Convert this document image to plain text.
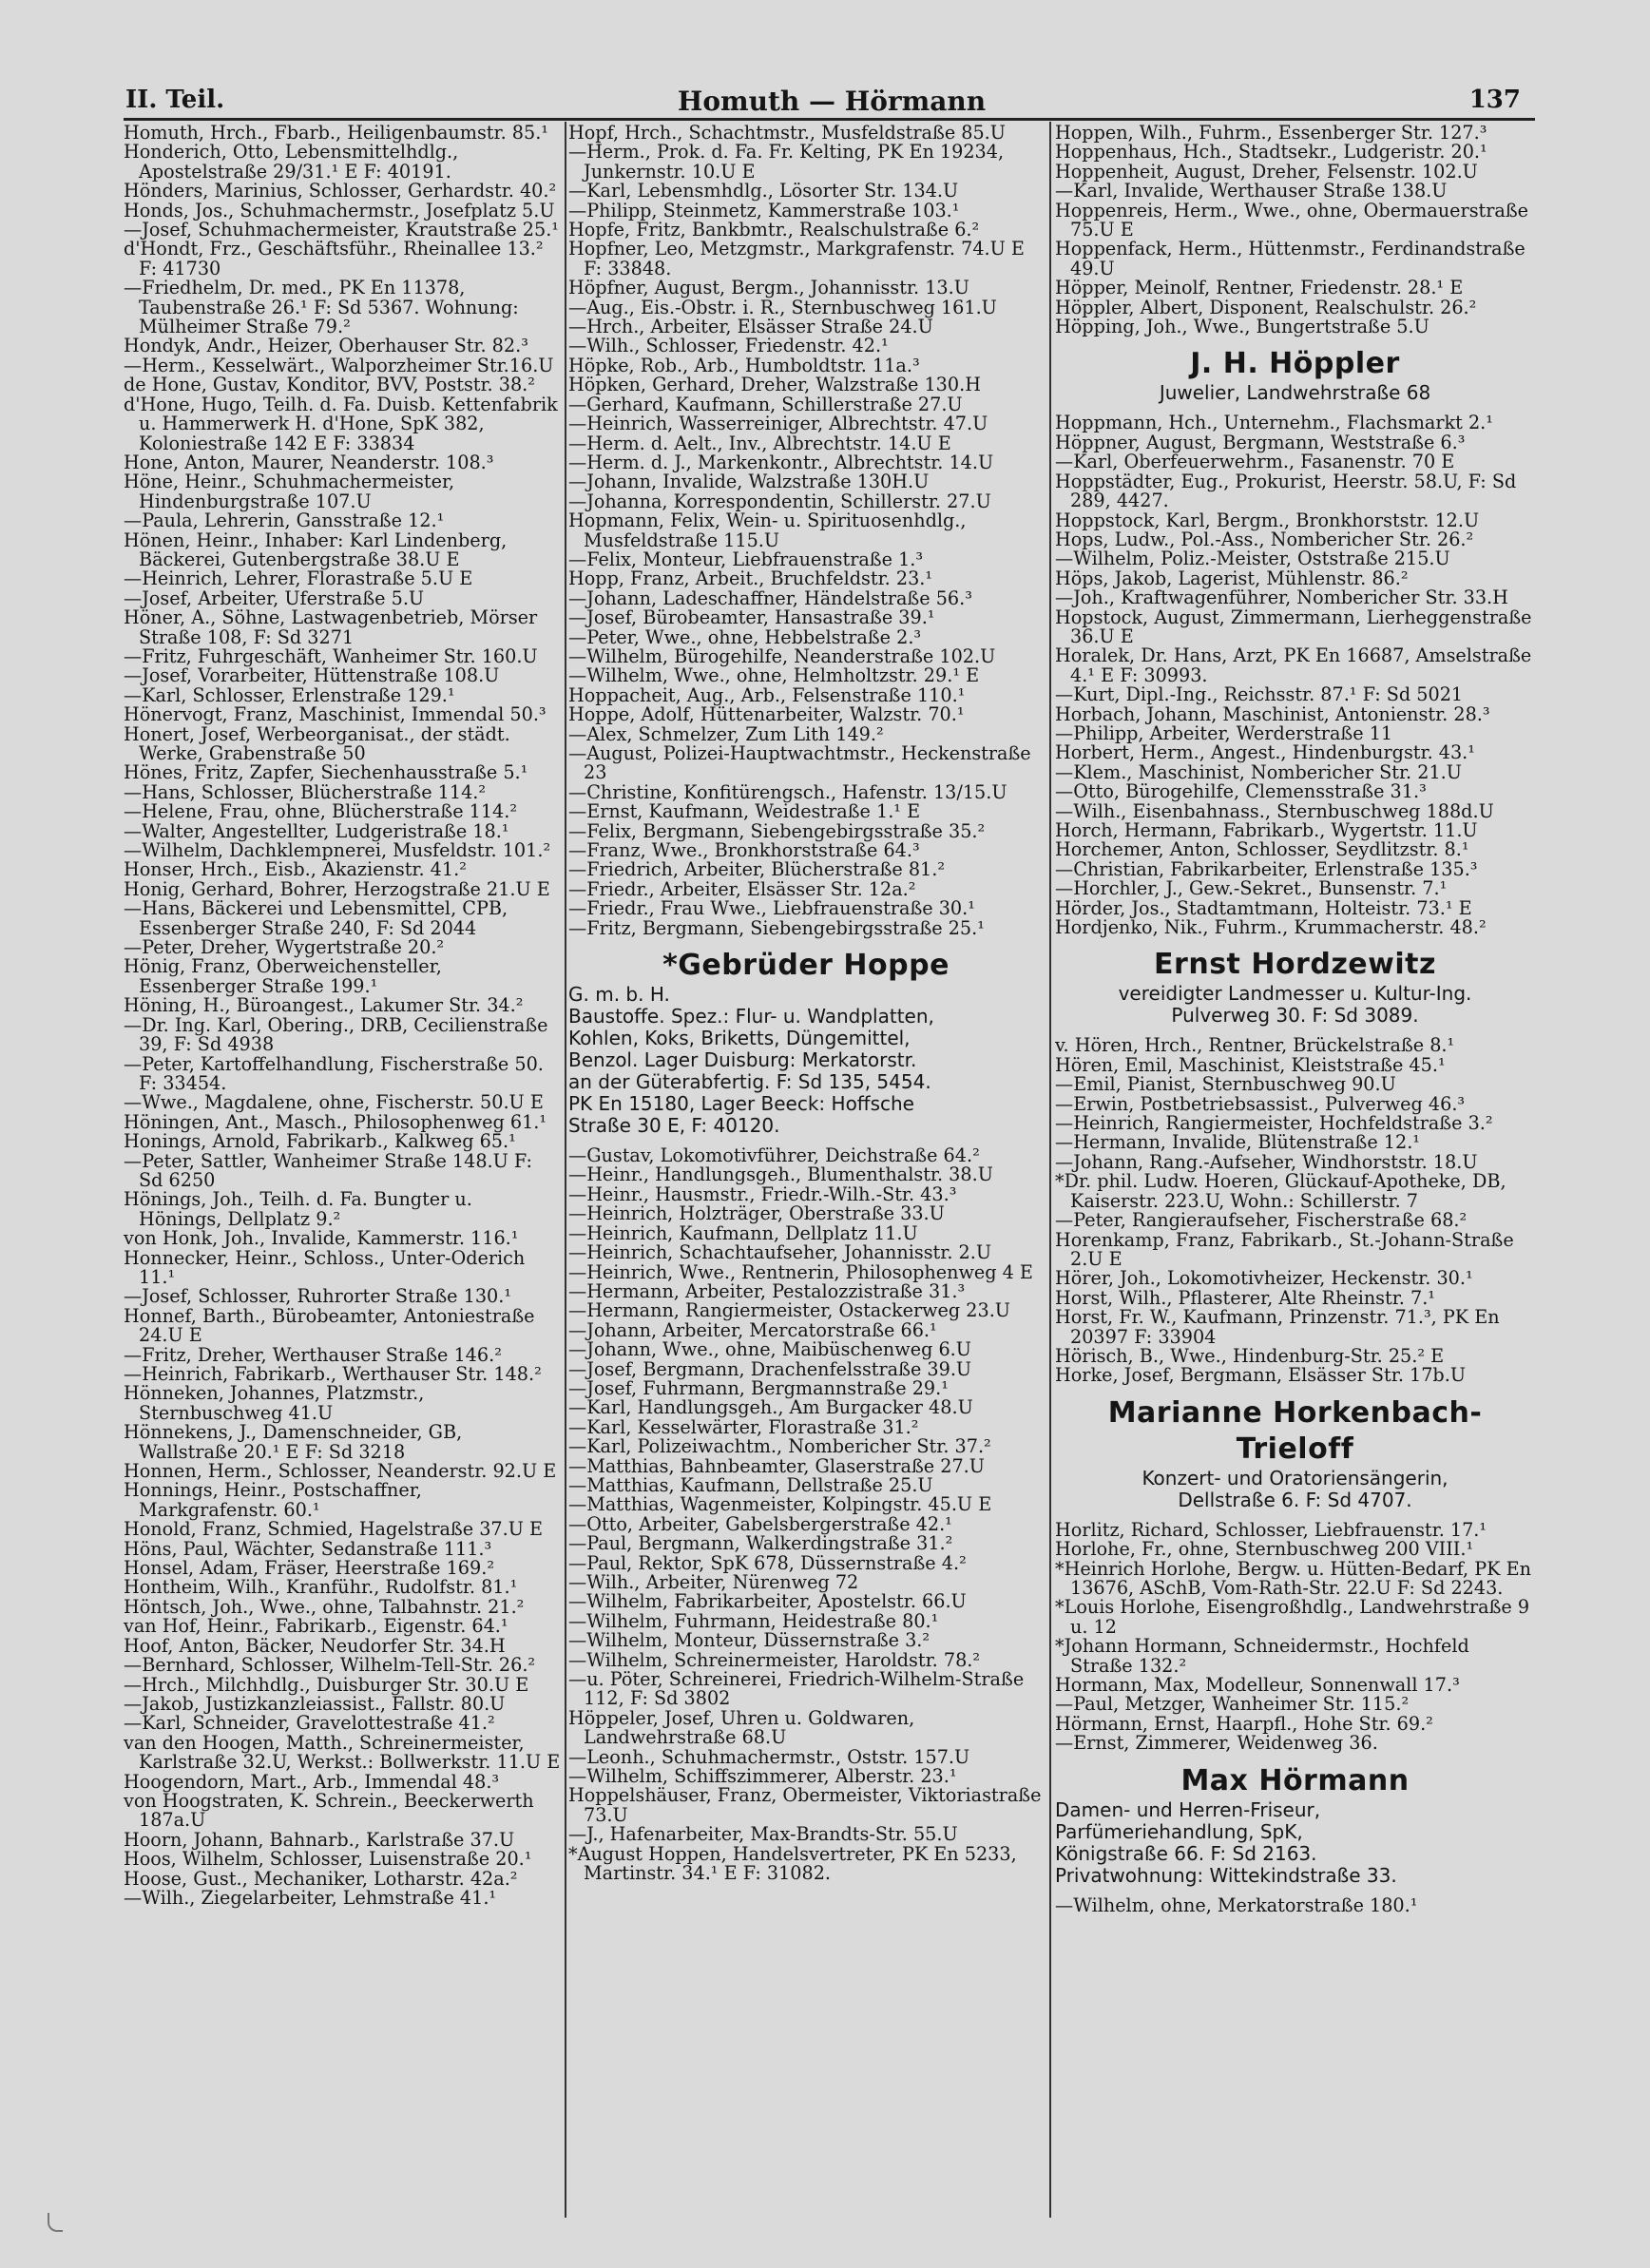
II. Teil.	Homuth — Hörmann	137
Homuth, Hrch., Fbarb., Heiligenbaumstr. 85.¹
Honderich, Otto, Lebensmittelhdlg., Apostelstraße 29/31.¹ E F: 40191.
Hönders, Marinius, Schlosser, Gerhardstr. 40.²
Honds, Jos., Schuhmachermstr., Josefplatz 5.U
—Josef, Schuhmachermeister, Krautstraße 25.¹
d'Hondt, Frz., Geschäftsführ., Rheinallee 13.² F: 41730
—Friedhelm, Dr. med., PK En 11378, Taubenstraße 26.¹ F: Sd 5367. Wohnung: Mülheimer Straße 79.²
Hondyk, Andr., Heizer, Oberhauser Str. 82.³
—Herm., Kesselwärt., Walporzheimer Str.16.U
de Hone, Gustav, Konditor, BVV, Poststr. 38.²
d'Hone, Hugo, Teilh. d. Fa. Duisb. Kettenfabrik u. Hammerwerk H. d'Hone, SpK 382, Koloniestraße 142 E F: 33834
Hone, Anton, Maurer, Neanderstr. 108.³
Höne, Heinr., Schuhmachermeister, Hindenburgstraße 107.U
—Paula, Lehrerin, Gansstraße 12.¹
Hönen, Heinr., Inhaber: Karl Lindenberg, Bäckerei, Gutenbergstraße 38.U E
—Heinrich, Lehrer, Florastraße 5.U E
—Josef, Arbeiter, Uferstraße 5.U
Höner, A., Söhne, Lastwagenbetrieb, Mörser Straße 108, F: Sd 3271
—Fritz, Fuhrgeschäft, Wanheimer Str. 160.U
—Josef, Vorarbeiter, Hüttenstraße 108.U
—Karl, Schlosser, Erlenstraße 129.¹
Hönervogt, Franz, Maschinist, Immendal 50.³
Honert, Josef, Werbeorganisat., der städt. Werke, Grabenstraße 50
Hönes, Fritz, Zapfer, Siechenhausstraße 5.¹
—Hans, Schlosser, Blücherstraße 114.²
—Helene, Frau, ohne, Blücherstraße 114.²
—Walter, Angestellter, Ludgeristraße 18.¹
—Wilhelm, Dachklempnerei, Musfeldstr. 101.²
Honser, Hrch., Eisb., Akazienstr. 41.²
Honig, Gerhard, Bohrer, Herzogstraße 21.U E
—Hans, Bäckerei und Lebensmittel, CPB, Essenberger Straße 240, F: Sd 2044
—Peter, Dreher, Wygertstraße 20.²
Hönig, Franz, Oberweichensteller, Essenberger Straße 199.¹
Höning, H., Büroangest., Lakumer Str. 34.²
—Dr. Ing. Karl, Obering., DRB, Cecilienstraße 39, F: Sd 4938
—Peter, Kartoffelhandlung, Fischerstraße 50. F: 33454.
—Wwe., Magdalene, ohne, Fischerstr. 50.U E
Höningen, Ant., Masch., Philosophenweg 61.¹
Honings, Arnold, Fabrikarb., Kalkweg 65.¹
—Peter, Sattler, Wanheimer Straße 148.U F: Sd 6250
Hönings, Joh., Teilh. d. Fa. Bungter u. Hönings, Dellplatz 9.²
von Honk, Joh., Invalide, Kammerstr. 116.¹
Honnecker, Heinr., Schloss., Unter-Oderich 11.¹
—Josef, Schlosser, Ruhrorter Straße 130.¹
Honnef, Barth., Bürobeamter, Antoniestraße 24.U E
—Fritz, Dreher, Werthauser Straße 146.²
—Heinrich, Fabrikarb., Werthauser Str. 148.²
Hönneken, Johannes, Platzmstr., Sternbuschweg 41.U
Hönnekens, J., Damenschneider, GB, Wallstraße 20.¹ E F: Sd 3218
Honnen, Herm., Schlosser, Neanderstr. 92.U E
Honnings, Heinr., Postschaffner, Markgrafenstr. 60.¹
Honold, Franz, Schmied, Hagelstraße 37.U E
Höns, Paul, Wächter, Sedanstraße 111.³
Honsel, Adam, Fräser, Heerstraße 169.²
Hontheim, Wilh., Kranführ., Rudolfstr. 81.¹
Höntsch, Joh., Wwe., ohne, Talbahnstr. 21.²
van Hof, Heinr., Fabrikarb., Eigenstr. 64.¹
Hoof, Anton, Bäcker, Neudorfer Str. 34.H
—Bernhard, Schlosser, Wilhelm-Tell-Str. 26.²
—Hrch., Milchhdlg., Duisburger Str. 30.U E
—Jakob, Justizkanzleiassist., Fallstr. 80.U
—Karl, Schneider, Gravelottestraße 41.²
van den Hoogen, Matth., Schreinermeister, Karlstraße 32.U, Werkst.: Bollwerkstr. 11.U E
Hoogendorn, Mart., Arb., Immendal 48.³
von Hoogstraten, K. Schrein., Beeckerwerth 187a.U
Hoorn, Johann, Bahnarb., Karlstraße 37.U
Hoos, Wilhelm, Schlosser, Luisenstraße 20.¹
Hoose, Gust., Mechaniker, Lotharstr. 42a.²
—Wilh., Ziegelarbeiter, Lehmstraße 41.¹
Hopf, Hrch., Schachtmstr., Musfeldstraße 85.U
—Herm., Prok. d. Fa. Fr. Kelting, PK En 19234, Junkernstr. 10.U E
—Karl, Lebensmhdlg., Lösorter Str. 134.U
—Philipp, Steinmetz, Kammerstraße 103.¹
Hopfe, Fritz, Bankbmtr., Realschulstraße 6.²
Hopfner, Leo, Metzgmstr., Markgrafenstr. 74.U E F: 33848.
Höpfner, August, Bergm., Johannisstr. 13.U
—Aug., Eis.-Obstr. i. R., Sternbuschweg 161.U
—Hrch., Arbeiter, Elsässer Straße 24.U
—Wilh., Schlosser, Friedenstr. 42.¹
Höpke, Rob., Arb., Humboldtstr. 11a.³
Höpken, Gerhard, Dreher, Walzstraße 130.H
—Gerhard, Kaufmann, Schillerstraße 27.U
—Heinrich, Wasserreiniger, Albrechtstr. 47.U
—Herm. d. Aelt., Inv., Albrechtstr. 14.U E
—Herm. d. J., Markenkontr., Albrechtstr. 14.U
—Johann, Invalide, Walzstraße 130H.U
—Johanna, Korrespondentin, Schillerstr. 27.U
Hopmann, Felix, Wein- u. Spirituosenhdlg., Musfeldstraße 115.U
—Felix, Monteur, Liebfrauenstraße 1.³
Hopp, Franz, Arbeit., Bruchfeldstr. 23.¹
—Johann, Ladeschaffner, Händelstraße 56.³
—Josef, Bürobeamter, Hansastraße 39.¹
—Peter, Wwe., ohne, Hebbelstraße 2.³
—Wilhelm, Bürogehilfe, Neanderstraße 102.U
—Wilhelm, Wwe., ohne, Helmholtzstr. 29.¹ E
Hoppacheit, Aug., Arb., Felsenstraße 110.¹
Hoppe, Adolf, Hüttenarbeiter, Walzstr. 70.¹
—Alex, Schmelzer, Zum Lith 149.²
—August, Polizei-Hauptwachtmstr., Heckenstraße 23
—Christine, Konfitürengsch., Hafenstr. 13/15.U
—Ernst, Kaufmann, Weidestraße 1.¹ E
—Felix, Bergmann, Siebengebirgsstraße 35.²
—Franz, Wwe., Bronkhorststraße 64.³
—Friedrich, Arbeiter, Blücherstraße 81.²
—Friedr., Arbeiter, Elsässer Str. 12a.²
—Friedr., Frau Wwe., Liebfrauenstraße 30.¹
—Fritz, Bergmann, Siebengebirgsstraße 25.¹
*Gebrüder Hoppe
G. m. b. H.
Baustoffe. Spez.: Flur- u. Wandplatten,
Kohlen, Koks, Briketts, Düngemittel,
Benzol. Lager Duisburg: Merkatorstr.
an der Güterabfertig. F: Sd 135, 5454.
PK En 15180, Lager Beeck: Hoffsche
Straße 30 E, F: 40120.
—Gustav, Lokomotivführer, Deichstraße 64.²
—Heinr., Handlungsgeh., Blumenthalstr. 38.U
—Heinr., Hausmstr., Friedr.-Wilh.-Str. 43.³
—Heinrich, Holzträger, Oberstraße 33.U
—Heinrich, Kaufmann, Dellplatz 11.U
—Heinrich, Schachtaufseher, Johannisstr. 2.U
—Heinrich, Wwe., Rentnerin, Philosophenweg 4 E
—Hermann, Arbeiter, Pestalozzistraße 31.³
—Hermann, Rangiermeister, Ostackerweg 23.U
—Johann, Arbeiter, Mercatorstraße 66.¹
—Johann, Wwe., ohne, Maibüschenweg 6.U
—Josef, Bergmann, Drachenfelsstraße 39.U
—Josef, Fuhrmann, Bergmannstraße 29.¹
—Karl, Handlungsgeh., Am Burgacker 48.U
—Karl, Kesselwärter, Florastraße 31.²
—Karl, Polizeiwachtm., Nombericher Str. 37.²
—Matthias, Bahnbeamter, Glaserstraße 27.U
—Matthias, Kaufmann, Dellstraße 25.U
—Matthias, Wagenmeister, Kolpingstr. 45.U E
—Otto, Arbeiter, Gabelsbergerstraße 42.¹
—Paul, Bergmann, Walkerdingstraße 31.²
—Paul, Rektor, SpK 678, Düssernstraße 4.²
—Wilh., Arbeiter, Nürenweg 72
—Wilhelm, Fabrikarbeiter, Apostelstr. 66.U
—Wilhelm, Fuhrmann, Heidestraße 80.¹
—Wilhelm, Monteur, Düssernstraße 3.²
—Wilhelm, Schreinermeister, Haroldstr. 78.²
—u. Pöter, Schreinerei, Friedrich-Wilhelm-Straße 112, F: Sd 3802
Höppeler, Josef, Uhren u. Goldwaren, Landwehrstraße 68.U
—Leonh., Schuhmachermstr., Oststr. 157.U
—Wilhelm, Schiffszimmerer, Alberstr. 23.¹
Hoppelshäuser, Franz, Obermeister, Viktoriastraße 73.U
—J., Hafenarbeiter, Max-Brandts-Str. 55.U
*August Hoppen, Handelsvertreter, PK En 5233, Martinstr. 34.¹ E F: 31082.
Hoppen, Wilh., Fuhrm., Essenberger Str. 127.³
Hoppenhaus, Hch., Stadtsekr., Ludgeristr. 20.¹
Hoppenheit, August, Dreher, Felsenstr. 102.U
—Karl, Invalide, Werthauser Straße 138.U
Hoppenreis, Herm., Wwe., ohne, Obermauerstraße 75.U E
Hoppenfack, Herm., Hüttenmstr., Ferdinandstraße 49.U
Höpper, Meinolf, Rentner, Friedenstr. 28.¹ E
Höppler, Albert, Disponent, Realschulstr. 26.²
Höpping, Joh., Wwe., Bungertstraße 5.U
J. H. Höppler
Juwelier, Landwehrstraße 68
Hoppmann, Hch., Unternehm., Flachsmarkt 2.¹
Höppner, August, Bergmann, Weststraße 6.³
—Karl, Oberfeuerwehrm., Fasanenstr. 70 E
Hoppstädter, Eug., Prokurist, Heerstr. 58.U, F: Sd 289, 4427.
Hoppstock, Karl, Bergm., Bronkhorststr. 12.U
Hops, Ludw., Pol.-Ass., Nombericher Str. 26.²
—Wilhelm, Poliz.-Meister, Oststraße 215.U
Höps, Jakob, Lagerist, Mühlenstr. 86.²
—Joh., Kraftwagenführer, Nombericher Str. 33.H
Hopstock, August, Zimmermann, Lierheggenstraße 36.U E
Horalek, Dr. Hans, Arzt, PK En 16687, Amselstraße 4.¹ E F: 30993.
—Kurt, Dipl.-Ing., Reichsstr. 87.¹ F: Sd 5021
Horbach, Johann, Maschinist, Antonienstr. 28.³
—Philipp, Arbeiter, Werderstraße 11
Horbert, Herm., Angest., Hindenburgstr. 43.¹
—Klem., Maschinist, Nombericher Str. 21.U
—Otto, Bürogehilfe, Clemensstraße 31.³
—Wilh., Eisenbahnass., Sternbuschweg 188d.U
Horch, Hermann, Fabrikarb., Wygertstr. 11.U
Horchemer, Anton, Schlosser, Seydlitzstr. 8.¹
—Christian, Fabrikarbeiter, Erlenstraße 135.³
—Horchler, J., Gew.-Sekret., Bunsenstr. 7.¹
Hörder, Jos., Stadtamtmann, Holteistr. 73.¹ E
Hordjenko, Nik., Fuhrm., Krummacherstr. 48.²
Ernst Hordzewitz
vereidigter Landmesser u. Kultur-Ing.
Pulverweg 30. F: Sd 3089.
v. Hören, Hrch., Rentner, Brückelstraße 8.¹
Hören, Emil, Maschinist, Kleiststraße 45.¹
—Emil, Pianist, Sternbuschweg 90.U
—Erwin, Postbetriebsassist., Pulverweg 46.³
—Heinrich, Rangiermeister, Hochfeldstraße 3.²
—Hermann, Invalide, Blütenstraße 12.¹
—Johann, Rang.-Aufseher, Windhorststr. 18.U
*Dr. phil. Ludw. Hoeren, Glückauf-Apotheke, DB, Kaiserstr. 223.U, Wohn.: Schillerstr. 7
—Peter, Rangieraufseher, Fischerstraße 68.²
Horenkamp, Franz, Fabrikarb., St.-Johann-Straße 2.U E
Hörer, Joh., Lokomotivheizer, Heckenstr. 30.¹
Horst, Wilh., Pflasterer, Alte Rheinstr. 7.¹
Horst, Fr. W., Kaufmann, Prinzenstr. 71.³, PK En 20397 F: 33904
Hörisch, B., Wwe., Hindenburg-Str. 25.² E
Horke, Josef, Bergmann, Elsässer Str. 17b.U
Marianne Horkenbach-Trieloff
Konzert- und Oratoriensängerin,
Dellstraße 6. F: Sd 4707.
Horlitz, Richard, Schlosser, Liebfrauenstr. 17.¹
Horlohe, Fr., ohne, Sternbuschweg 200 VIII.¹
*Heinrich Horlohe, Bergw. u. Hütten-Bedarf, PK En 13676, ASchB, Vom-Rath-Str. 22.U F: Sd 2243.
*Louis Horlohe, Eisengroßhdlg., Landwehrstraße 9 u. 12
*Johann Hormann, Schneidermstr., Hochfeld Straße 132.²
Hormann, Max, Modelleur, Sonnenwall 17.³
—Paul, Metzger, Wanheimer Str. 115.²
Hörmann, Ernst, Haarpfl., Hohe Str. 69.²
—Ernst, Zimmerer, Weidenweg 36.
Max Hörmann
Damen- und Herren-Friseur,
Parfümeriehandlung, SpK,
Königstraße 66. F: Sd 2163.
Privatwohnung: Wittekindstraße 33.
—Wilhelm, ohne, Merkatorstraße 180.¹
